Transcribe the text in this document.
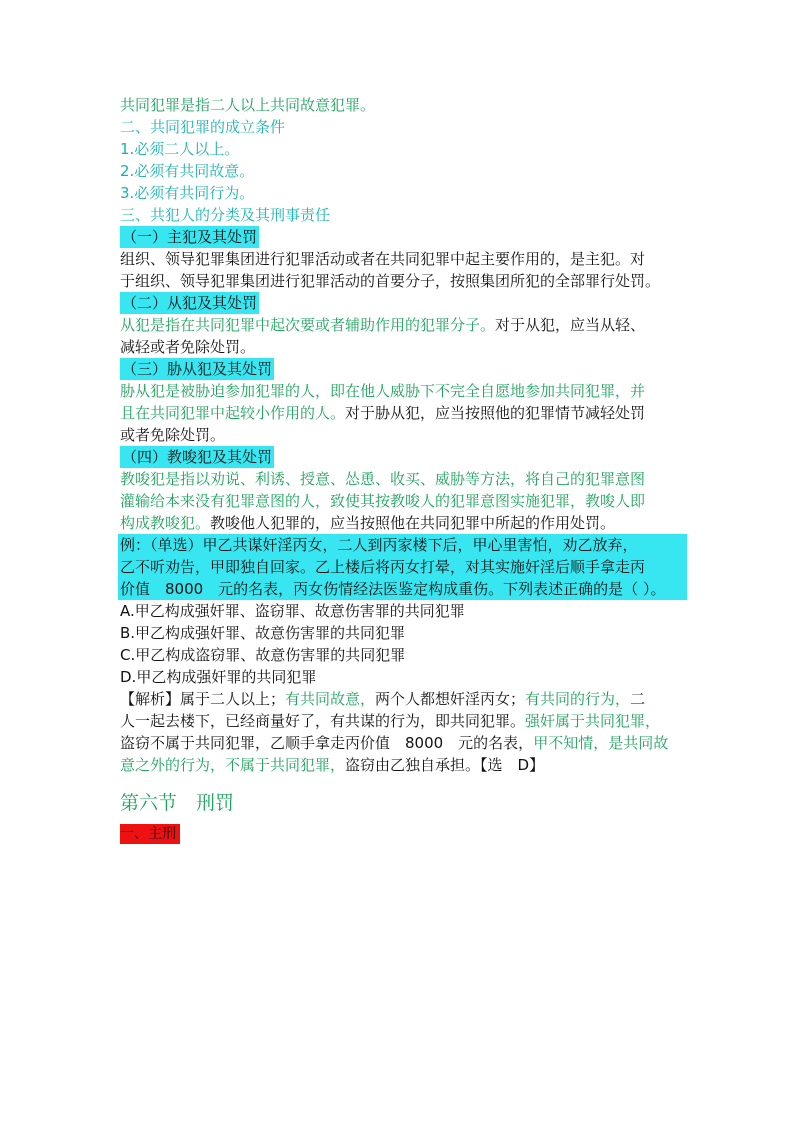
共同犯罪是指二人以上共同故意犯罪。
二、共同犯罪的成立条件
1.必须二人以上。
2.必须有共同故意。
3.必须有共同行为。
三、共犯人的分类及其刑事责任
（一）主犯及其处罚
组织、领导犯罪集团进行犯罪活动或者在共同犯罪中起主要作用的，是主犯。对
于组织、领导犯罪集团进行犯罪活动的首要分子，按照集团所犯的全部罪行处罚。
（二）从犯及其处罚
从犯是指在共同犯罪中起次要或者辅助作用的犯罪分子。对于从犯，应当从轻、
减轻或者免除处罚。
（三）胁从犯及其处罚
胁从犯是被胁迫参加犯罪的人，即在他人威胁下不完全自愿地参加共同犯罪，并
且在共同犯罪中起较小作用的人。对于胁从犯，应当按照他的犯罪情节减轻处罚
或者免除处罚。
（四）教唆犯及其处罚
教唆犯是指以劝说、利诱、授意、怂恿、收买、威胁等方法，将自己的犯罪意图
灌输给本来没有犯罪意图的人，致使其按教唆人的犯罪意图实施犯罪，教唆人即
构成教唆犯。教唆他人犯罪的，应当按照他在共同犯罪中所起的作用处罚。
例：（单选）甲乙共谋奸淫丙女，二人到丙家楼下后，甲心里害怕，劝乙放弃，
乙不听劝告，甲即独自回家。乙上楼后将丙女打晕，对其实施奸淫后顺手拿走丙
价值　8000　元的名表，丙女伤情经法医鉴定构成重伤。下列表述正确的是（ ）。
A.甲乙构成强奸罪、盗窃罪、故意伤害罪的共同犯罪
B.甲乙构成强奸罪、故意伤害罪的共同犯罪
C.甲乙构成盗窃罪、故意伤害罪的共同犯罪
D.甲乙构成强奸罪的共同犯罪
【解析】属于二人以上；有共同故意，两个人都想奸淫丙女；有共同的行为，二
人一起去楼下，已经商量好了，有共谋的行为，即共同犯罪。强奸属于共同犯罪，
盗窃不属于共同犯罪，乙顺手拿走丙价值　8000　元的名表，甲不知情，是共同故
意之外的行为，不属于共同犯罪，盗窃由乙独自承担。【选　D】
第六节　刑罚
一、主刑
